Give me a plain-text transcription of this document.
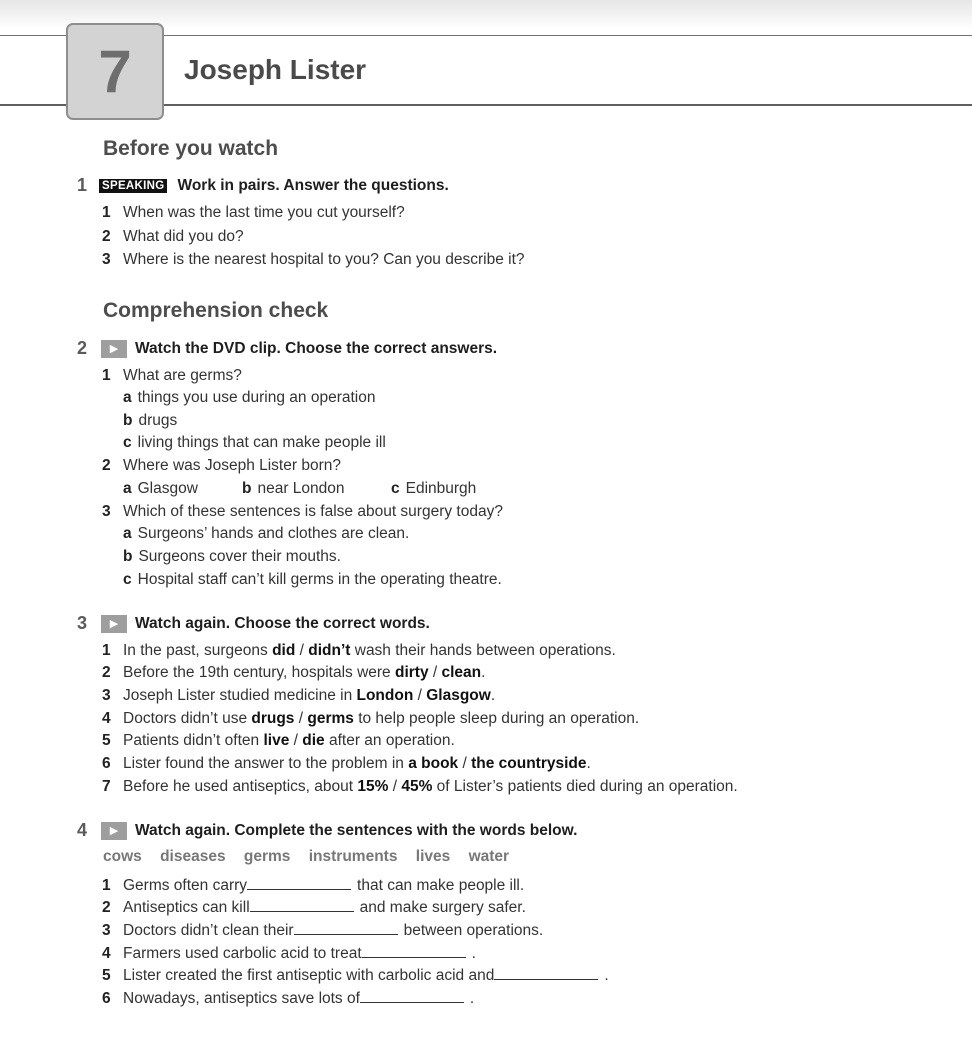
7 Joseph Lister
Before you watch
1	SPEAKING Work in pairs. Answer the questions.
1 When was the last time you cut yourself?
2 What did you do?
3 Where is the nearest hospital to you? Can you describe it?
Comprehension check
2	▶	Watch the DVD clip. Choose the correct answers.
1 What are germs?
a things you use during an operation
b drugs
c living things that can make people ill
2 Where was Joseph Lister born?
a Glasgow	b near London	c Edinburgh
3 Which of these sentences is false about surgery today?
a Surgeons’ hands and clothes are clean.
b Surgeons cover their mouths.
c Hospital staff can’t kill germs in the operating theatre.
3	▶	Watch again. Choose the correct words.
1 In the past, surgeons did / didn’t wash their hands between operations.
2 Before the 19th century, hospitals were dirty / clean.
3 Joseph Lister studied medicine in London / Glasgow.
4 Doctors didn’t use drugs / germs to help people sleep during an operation.
5 Patients didn’t often live / die after an operation.
6 Lister found the answer to the problem in a book / the countryside.
7 Before he used antiseptics, about 15% / 45% of Lister’s patients died during an operation.
4	▶	Watch again. Complete the sentences with the words below.
cows diseases germs instruments lives water
1 Germs often carry	that can make people ill.
2 Antiseptics can kill	and make surgery safer.
3 Doctors didn’t clean their	between operations.
4 Farmers used carbolic acid to treat	.
5 Lister created the first antiseptic with carbolic acid and	.
6 Nowadays, antiseptics save lots of	.
